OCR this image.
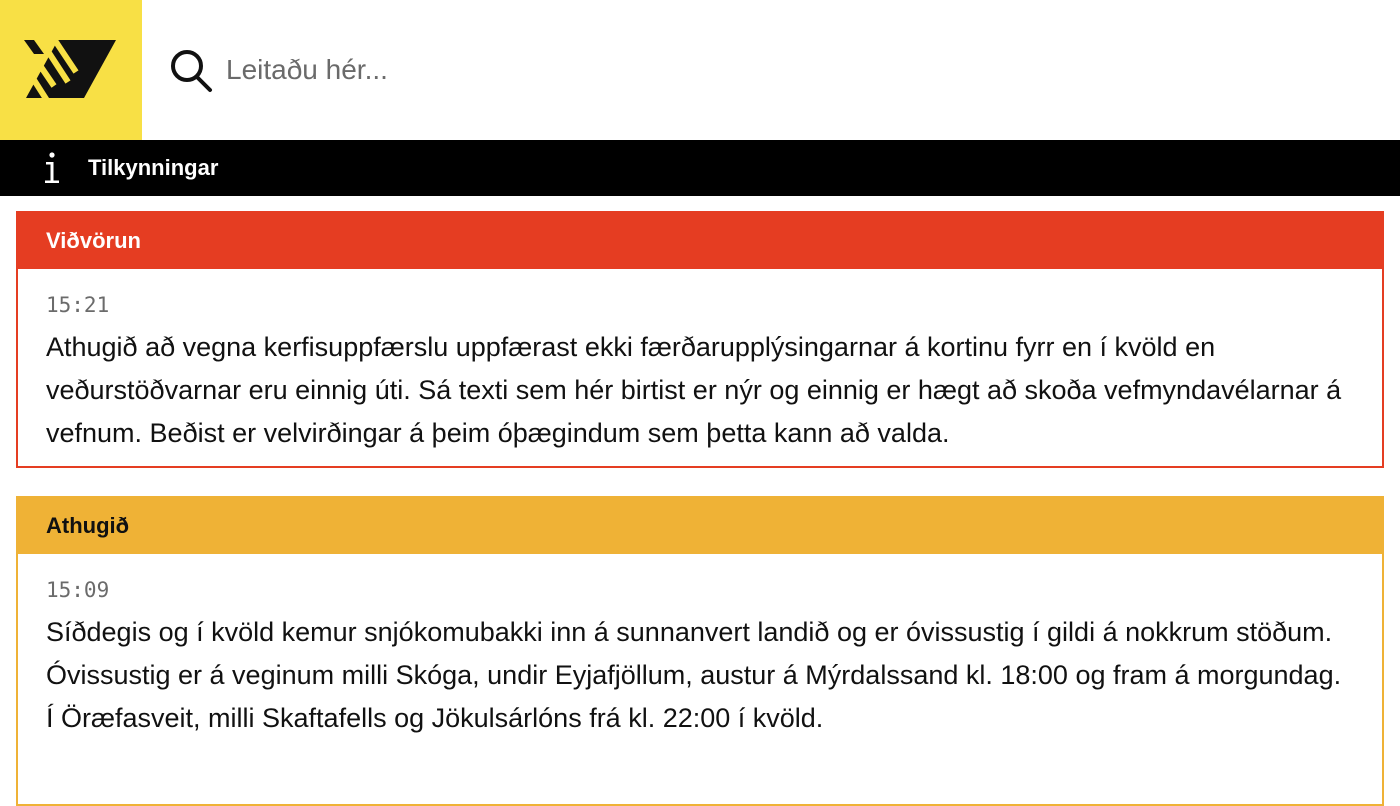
Leitaðu hér...
Tilkynningar
Viðvörun
15:21
Athugið að vegna kerfisuppfærslu uppfærast ekki færðarupplýsingarnar á kortinu fyrr en í kvöld en veðurstöðvarnar eru einnig úti. Sá texti sem hér birtist er nýr og einnig er hægt að skoða vefmyndavélarnar á vefnum. Beðist er velvirðingar á þeim óþægindum sem þetta kann að valda.
Athugið
15:09
Síðdegis og í kvöld kemur snjókomubakki inn á sunnanvert landið og er óvissustig í gildi á nokkrum stöðum. Óvissustig er á veginum milli Skóga, undir Eyjafjöllum, austur á Mýrdalssand kl. 18:00 og fram á morgundag. Í Öræfasveit, milli Skaftafells og Jökulsárlóns frá kl. 22:00 í kvöld.
